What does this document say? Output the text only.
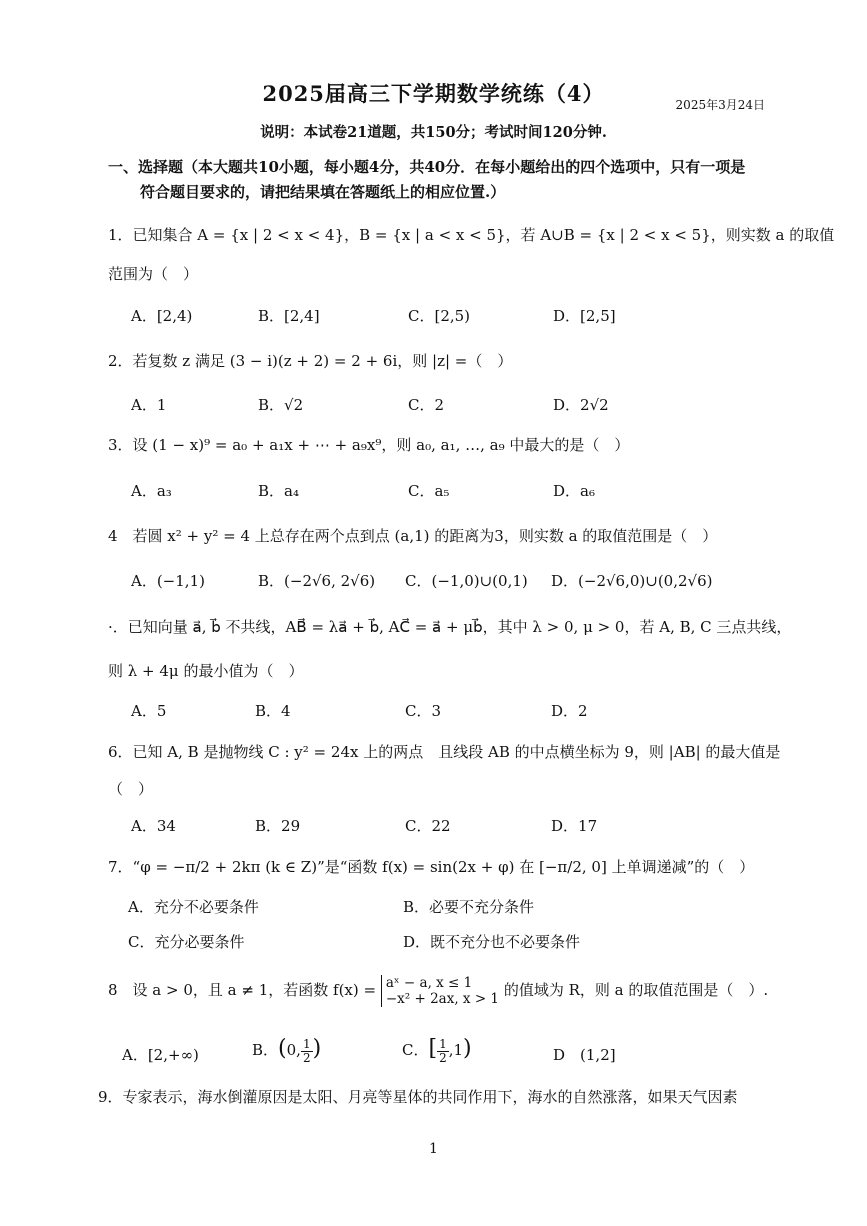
2025届高三下学期数学统练（4）	2025年3月24日
说明：本试卷21道题，共150分；考试时间120分钟.
一、选择题（本大题共10小题，每小题4分，共40分．在每小题给出的四个选项中，只有一项是
符合题目要求的，请把结果填在答题纸上的相应位置.）
1．已知集合 A = {x | 2 < x < 4}，B = {x | a < x < 5}，若 A∪B = {x | 2 < x < 5}，则实数 a 的取值
范围为（　）
A．[2,4)	B．[2,4]	C．[2,5)	D．[2,5]
2．若复数 z 满足 (3 − i)(z + 2) = 2 + 6i，则 |z| =（　）
A．1	B．√2	C．2	D．2√2
3．设 (1 − x)⁹ = a₀ + a₁x + ⋯ + a₉x⁹，则 a₀, a₁, …, a₉ 中最大的是（　）
A．a₃	B．a₄	C．a₅	D．a₆
4　若圆 x² + y² = 4 上总存在两个点到点 (a,1) 的距离为3，则实数 a 的取值范围是（　）
A．(−1,1)	B．(−2√6, 2√6) C．(−1,0)∪(0,1) D．(−2√6,0)∪(0,2√6)
·．已知向量 a⃗, b⃗ 不共线，AB⃗ = λa⃗ + b⃗, AC⃗ = a⃗ + μb⃗，其中 λ > 0, μ > 0，若 A, B, C 三点共线，
则 λ + 4μ 的最小值为（　）
A．5	B．4	C．3	D．2
6．已知 A, B 是抛物线 C : y² = 24x 上的两点　且线段 AB 的中点横坐标为 9，则 |AB| 的最大值是
（　）
A．34	B．29	C．22	D．17
7．“φ = −π/2 + 2kπ (k ∈ Z)”是“函数 f(x) = sin(2x + φ) 在 [−π/2, 0] 上单调递减”的（　）
A．充分不必要条件	B．必要不充分条件
C．充分必要条件	D．既不充分也不必要条件
8　设 a > 0，且 a ≠ 1，若函数 f(x) = aˣ − a, x ≤ 1
−x² + 2ax, x > 1 的值域为 R，则 a 的取值范围是（　）.
A．[2,+∞)	B．(0, $\frac{1}{2}$ )	C．[ $\frac{1}{2} ,1$)	D　(1,2]
9．专家表示，海水倒灌原因是太阳、月亮等星体的共同作用下，海水的自然涨落，如果天气因素
1
